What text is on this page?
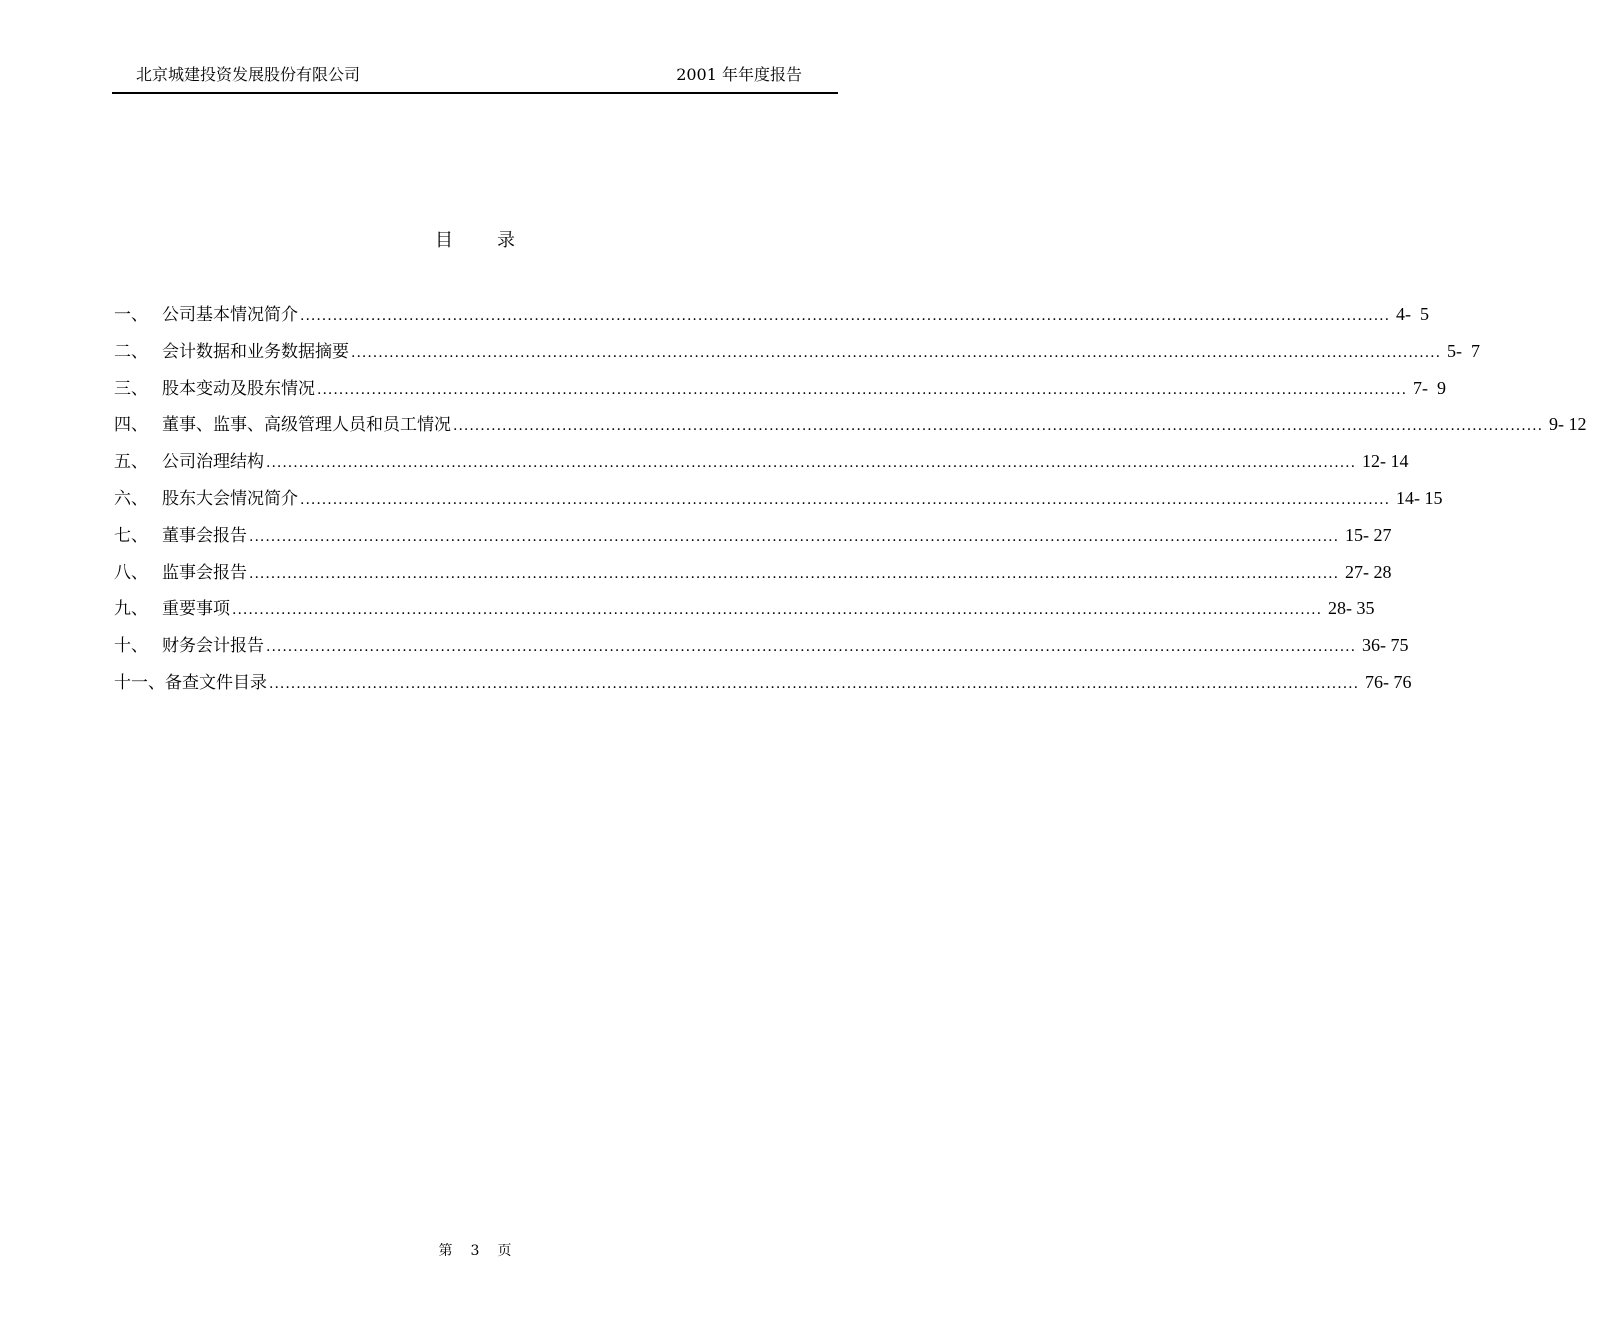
北京城建投资发展股份有限公司	2001 年年度报告
目 录
一、 公司基本情况简介 ........................................................................................................................................................................................................ 4-  5
二、 会计数据和业务数据摘要 ........................................................................................................................................................................................................ 5-  7
三、 股本变动及股东情况 ........................................................................................................................................................................................................ 7-  9
四、 董事、监事、高级管理人员和员工情况 ........................................................................................................................................................................................................ 9- 12
五、 公司治理结构 ........................................................................................................................................................................................................ 12- 14
六、 股东大会情况简介 ........................................................................................................................................................................................................ 14- 15
七、 董事会报告 ........................................................................................................................................................................................................ 15- 27
八、 监事会报告 ........................................................................................................................................................................................................ 27- 28
九、 重要事项 ........................................................................................................................................................................................................ 28- 35
十、 财务会计报告 ........................................................................................................................................................................................................ 36- 75
十一、 备查文件目录 ........................................................................................................................................................................................................ 76- 76
第 3 页
